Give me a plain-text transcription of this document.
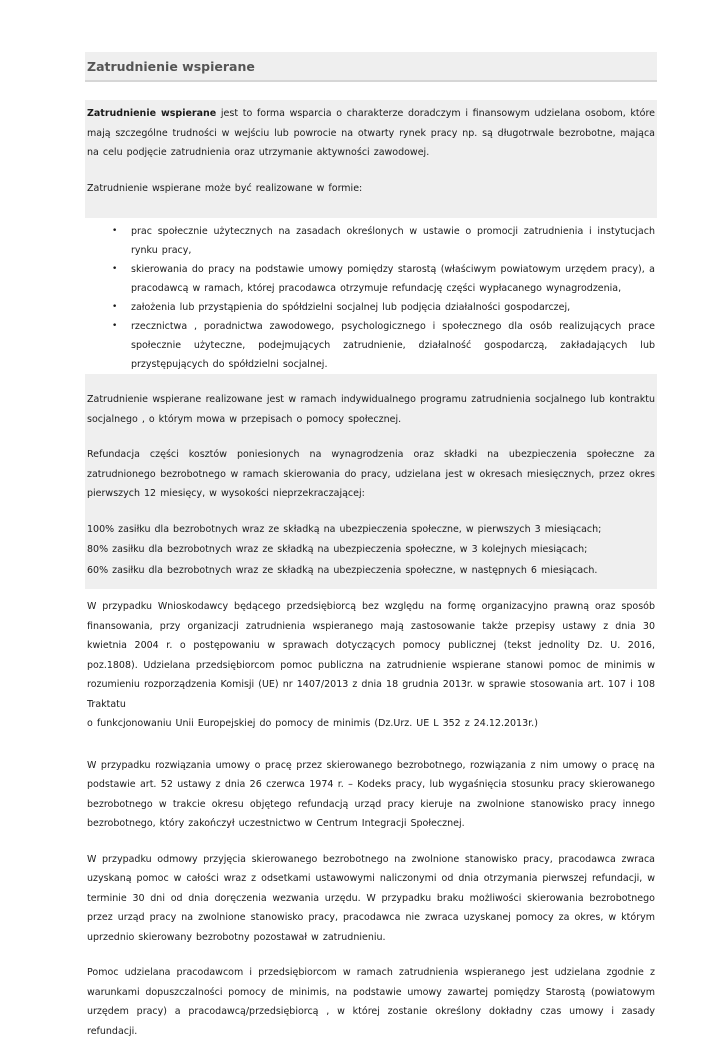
Zatrudnienie wspierane

Zatrudnienie wspierane jest to forma wsparcia o charakterze doradczym i finansowym udzielana osobom, które mają szczególne trudności w wejściu lub powrocie na otwarty rynek pracy np. są długotrwale bezrobotne, mająca na celu podjęcie zatrudnienia oraz utrzymanie aktywności zawodowej.

Zatrudnienie wspierane może być realizowane w formie:

• prac społecznie użytecznych na zasadach określonych w ustawie o promocji zatrudnienia i instytucjach rynku pracy,
• skierowania do pracy na podstawie umowy pomiędzy starostą (właściwym powiatowym urzędem pracy), a pracodawcą w ramach, której pracodawca otrzymuje refundację części wypłacanego wynagrodzenia,
• założenia lub przystąpienia do spółdzielni socjalnej lub podjęcia działalności gospodarczej,
• rzecznictwa , poradnictwa zawodowego, psychologicznego i społecznego dla osób realizujących prace społecznie użyteczne, podejmujących zatrudnienie, działalność gospodarczą, zakładających lub przystępujących do spółdzielni socjalnej.

Zatrudnienie wspierane realizowane jest w ramach indywidualnego programu zatrudnienia socjalnego lub kontraktu socjalnego , o którym mowa w przepisach o pomocy społecznej.

Refundacja części kosztów poniesionych na wynagrodzenia oraz składki na ubezpieczenia społeczne za zatrudnionego bezrobotnego w ramach skierowania do pracy, udzielana jest w okresach miesięcznych, przez okres pierwszych 12 miesięcy, w wysokości nieprzekraczającej:

100% zasiłku dla bezrobotnych wraz ze składką na ubezpieczenia społeczne, w pierwszych 3 miesiącach;

80% zasiłku dla bezrobotnych wraz ze składką na ubezpieczenia społeczne, w 3 kolejnych miesiącach;

60% zasiłku dla bezrobotnych wraz ze składką na ubezpieczenia społeczne, w następnych 6 miesiącach.

W przypadku Wnioskodawcy będącego przedsiębiorcą bez względu na formę organizacyjno prawną oraz sposób finansowania, przy organizacji zatrudnienia wspieranego mają zastosowanie także przepisy ustawy z dnia 30 kwietnia 2004 r. o postępowaniu w sprawach dotyczących pomocy publicznej (tekst jednolity Dz. U. 2016, poz.1808). Udzielana przedsiębiorcom pomoc publiczna na zatrudnienie wspierane stanowi pomoc de minimis w rozumieniu rozporządzenia Komisji (UE) nr 1407/2013 z dnia 18 grudnia 2013r. w sprawie stosowania art. 107 i 108 Traktatu

o funkcjonowaniu Unii Europejskiej do pomocy de minimis (Dz.Urz. UE L 352 z 24.12.2013r.)

W przypadku rozwiązania umowy o pracę przez skierowanego bezrobotnego, rozwiązania z nim umowy o pracę na podstawie art. 52 ustawy z dnia 26 czerwca 1974 r. – Kodeks pracy, lub wygaśnięcia stosunku pracy skierowanego bezrobotnego w trakcie okresu objętego refundacją urząd pracy kieruje na zwolnione stanowisko pracy innego bezrobotnego, który zakończył uczestnictwo w Centrum Integracji Społecznej.

W przypadku odmowy przyjęcia skierowanego bezrobotnego na zwolnione stanowisko pracy, pracodawca zwraca uzyskaną pomoc w całości wraz z odsetkami ustawowymi naliczonymi od dnia otrzymania pierwszej refundacji, w terminie 30 dni od dnia doręczenia wezwania urzędu. W przypadku braku możliwości skierowania bezrobotnego przez urząd pracy na zwolnione stanowisko pracy, pracodawca nie zwraca uzyskanej pomocy za okres, w którym uprzednio skierowany bezrobotny pozostawał w zatrudnieniu.

Pomoc udzielana pracodawcom i przedsiębiorcom w ramach zatrudnienia wspieranego jest udzielana zgodnie z warunkami dopuszczalności pomocy de minimis, na podstawie umowy zawartej pomiędzy Starostą (powiatowym urzędem pracy) a pracodawcą/przedsiębiorcą , w której zostanie określony dokładny czas umowy i zasady refundacji.
